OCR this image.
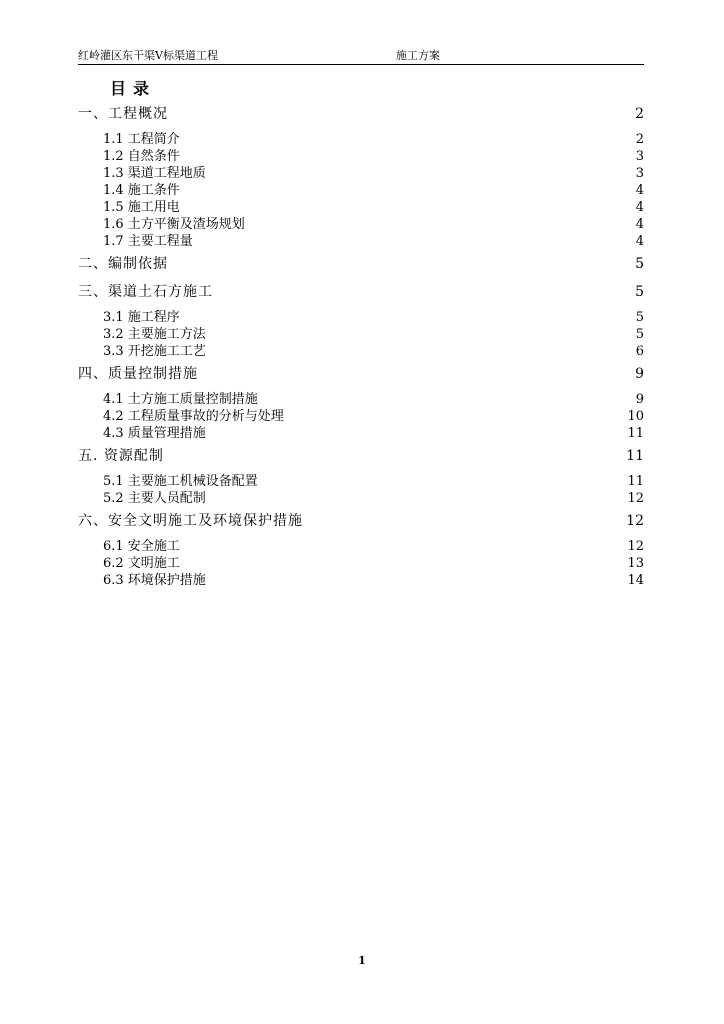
红岭灌区东干渠Ⅴ标渠道工程	施工方案
目录
一、工程概况	2
1.1 工程简介	2
1.2 自然条件	3
1.3 渠道工程地质	3
1.4 施工条件	4
1.5 施工用电	4
1.6 土方平衡及渣场规划	4
1.7 主要工程量	4
二、编制依据	5
三、渠道土石方施工	5
3.1 施工程序	5
3.2 主要施工方法	5
3.3 开挖施工工艺	6
四、质量控制措施	9
4.1 土方施工质量控制措施	9
4.2 工程质量事故的分析与处理	10
4.3 质量管理措施	11
五. 资源配制	11
5.1 主要施工机械设备配置	11
5.2 主要人员配制	12
六、安全文明施工及环境保护措施	12
6.1 安全施工	12
6.2 文明施工	13
6.3 环境保护措施	14
1
